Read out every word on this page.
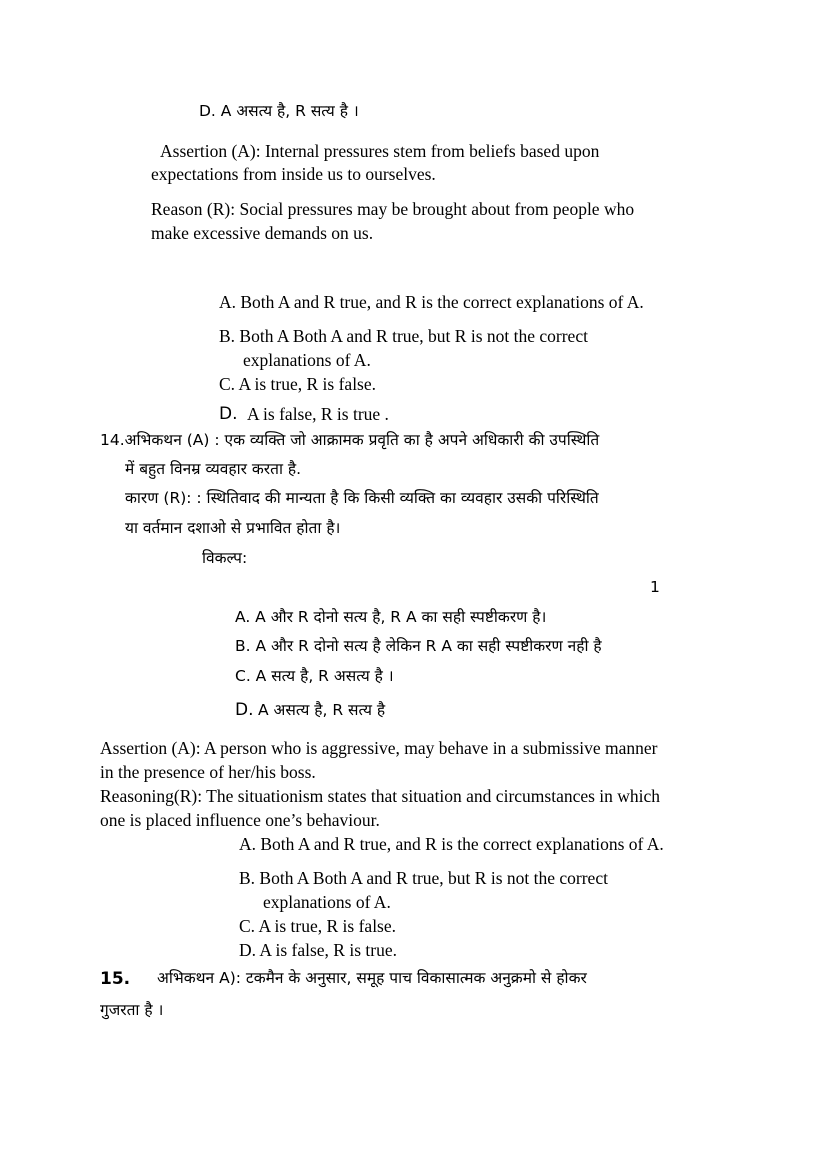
D. A असत्य है, R सत्य है ।
Assertion (A): Internal pressures stem from beliefs based upon
expectations from inside us to ourselves.
Reason (R): Social pressures may be brought about from people who
make excessive demands on us.
A. Both A and R true, and R is the correct explanations of A.
B. Both A Both A and R true, but R is not the correct
explanations of A.
C. A is true, R is false.
D. A is false, R is true .
14.अभिकथन (A) : एक व्यक्ति जो आक्रामक प्रवृति का है अपने अधिकारी की उपस्थिति
में बहुत विनम्र व्यवहार करता है.
कारण (R): : स्थितिवाद की मान्यता है कि किसी व्यक्ति का व्यवहार उसकी परिस्थिति
या वर्तमान दशाओ से प्रभावित होता है।
विकल्प:
1
A. A और R दोनो सत्य है, R A का सही स्पष्टीकरण है।
B. A और R दोनो सत्य है लेकिन R A का सही स्पष्टीकरण नही है
C. A सत्य है, R असत्य है ।
D. A असत्य है, R सत्य है
Assertion (A): A person who is aggressive, may behave in a submissive manner
in the presence of her/his boss.
Reasoning(R): The situationism states that situation and circumstances in which
one is placed influence one’s behaviour.
A. Both A and R true, and R is the correct explanations of A.
B. Both A Both A and R true, but R is not the correct
explanations of A.
C. A is true, R is false.
D. A is false, R is true.
15. अभिकथन A): टकमैन के अनुसार, समूह पाच विकासात्मक अनुक्रमो से होकर
गुजरता है ।
